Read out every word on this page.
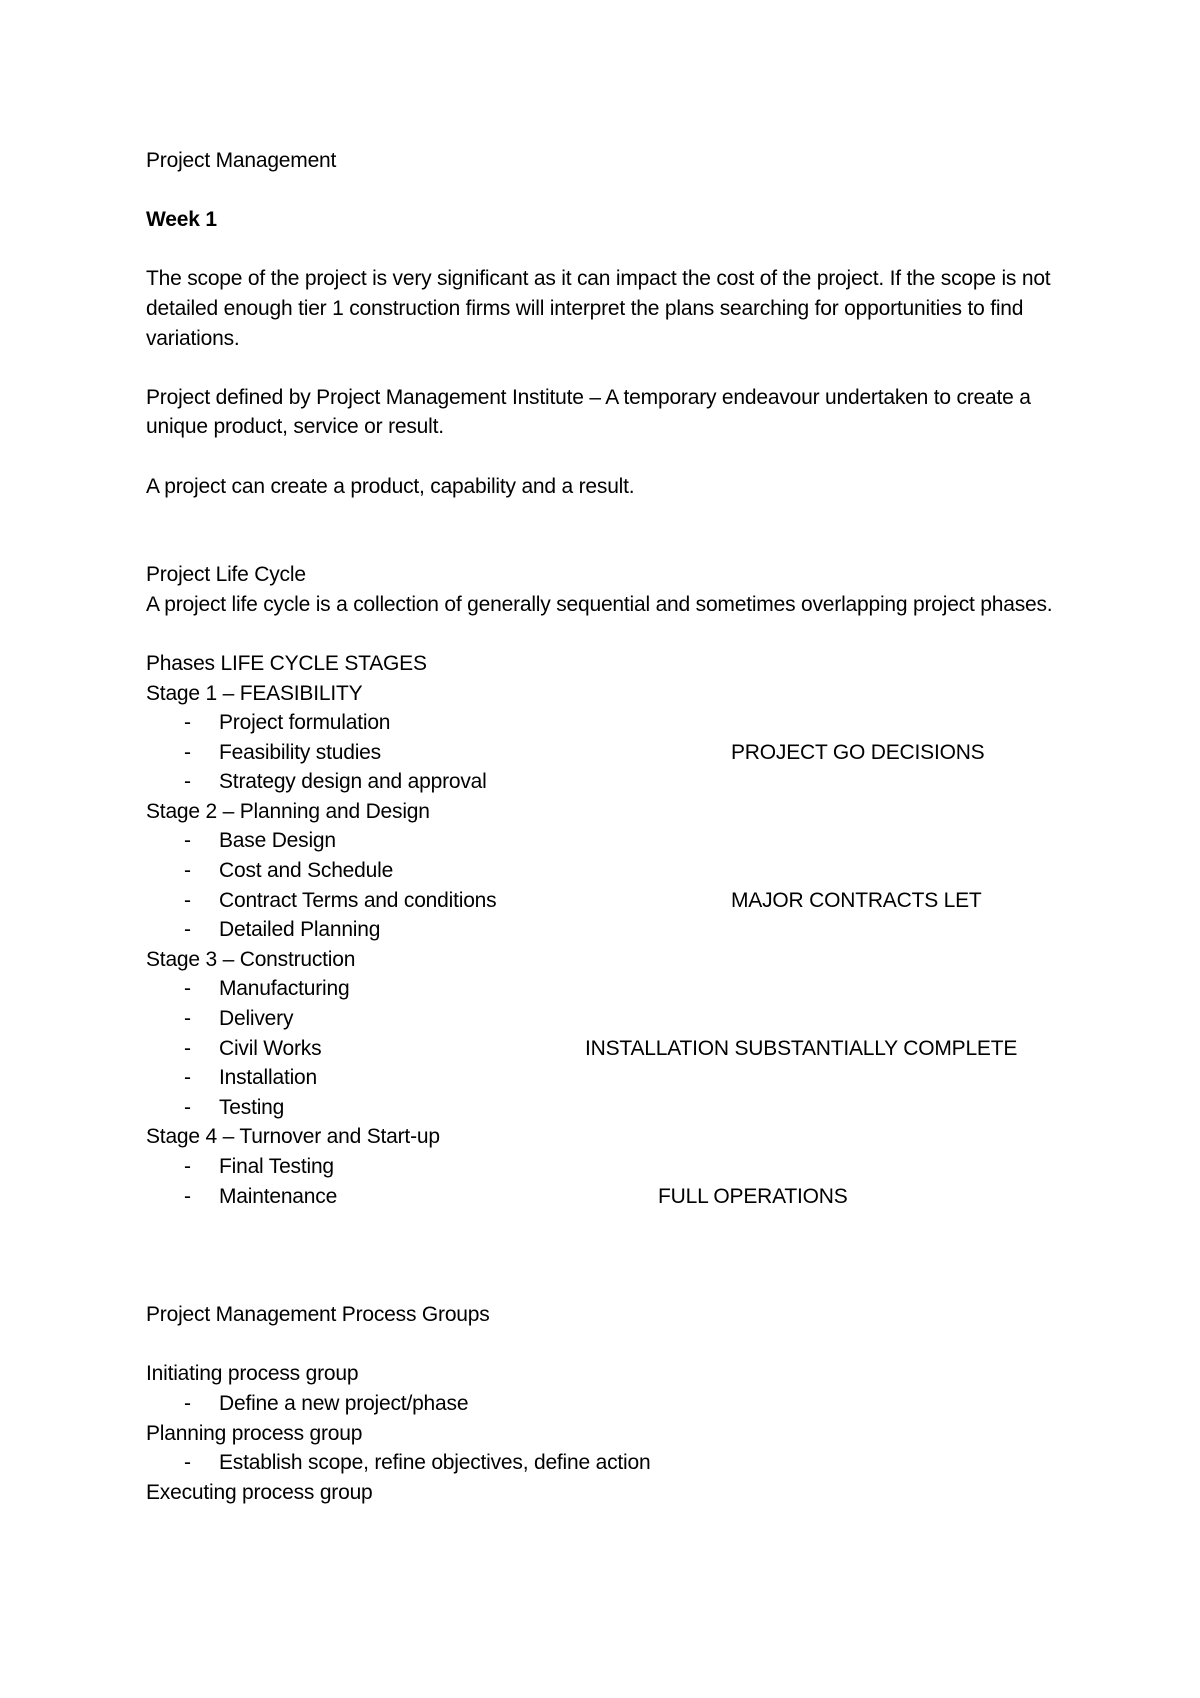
Project Management

Week 1

The scope of the project is very significant as it can impact the cost of the project. If the scope is not detailed enough tier 1 construction firms will interpret the plans searching for opportunities to find variations.

Project defined by Project Management Institute – A temporary endeavour undertaken to create a unique product, service or result.

A project can create a product, capability and a result.

Project Life Cycle

A project life cycle is a collection of generally sequential and sometimes overlapping project phases.

Phases LIFE CYCLE STAGES

Stage 1 – FEASIBILITY
- Project formulation
- Feasibility studies	PROJECT GO DECISIONS
- Strategy design and approval
Stage 2 – Planning and Design
- Base Design
- Cost and Schedule
- Contract Terms and conditions	MAJOR CONTRACTS LET
- Detailed Planning
Stage 3 – Construction
- Manufacturing
- Delivery
- Civil Works	INSTALLATION SUBSTANTIALLY COMPLETE
- Installation
- Testing
Stage 4 – Turnover and Start-up
- Final Testing
- Maintenance	FULL OPERATIONS

Project Management Process Groups

Initiating process group
- Define a new project/phase
Planning process group
- Establish scope, refine objectives, define action
Executing process group
